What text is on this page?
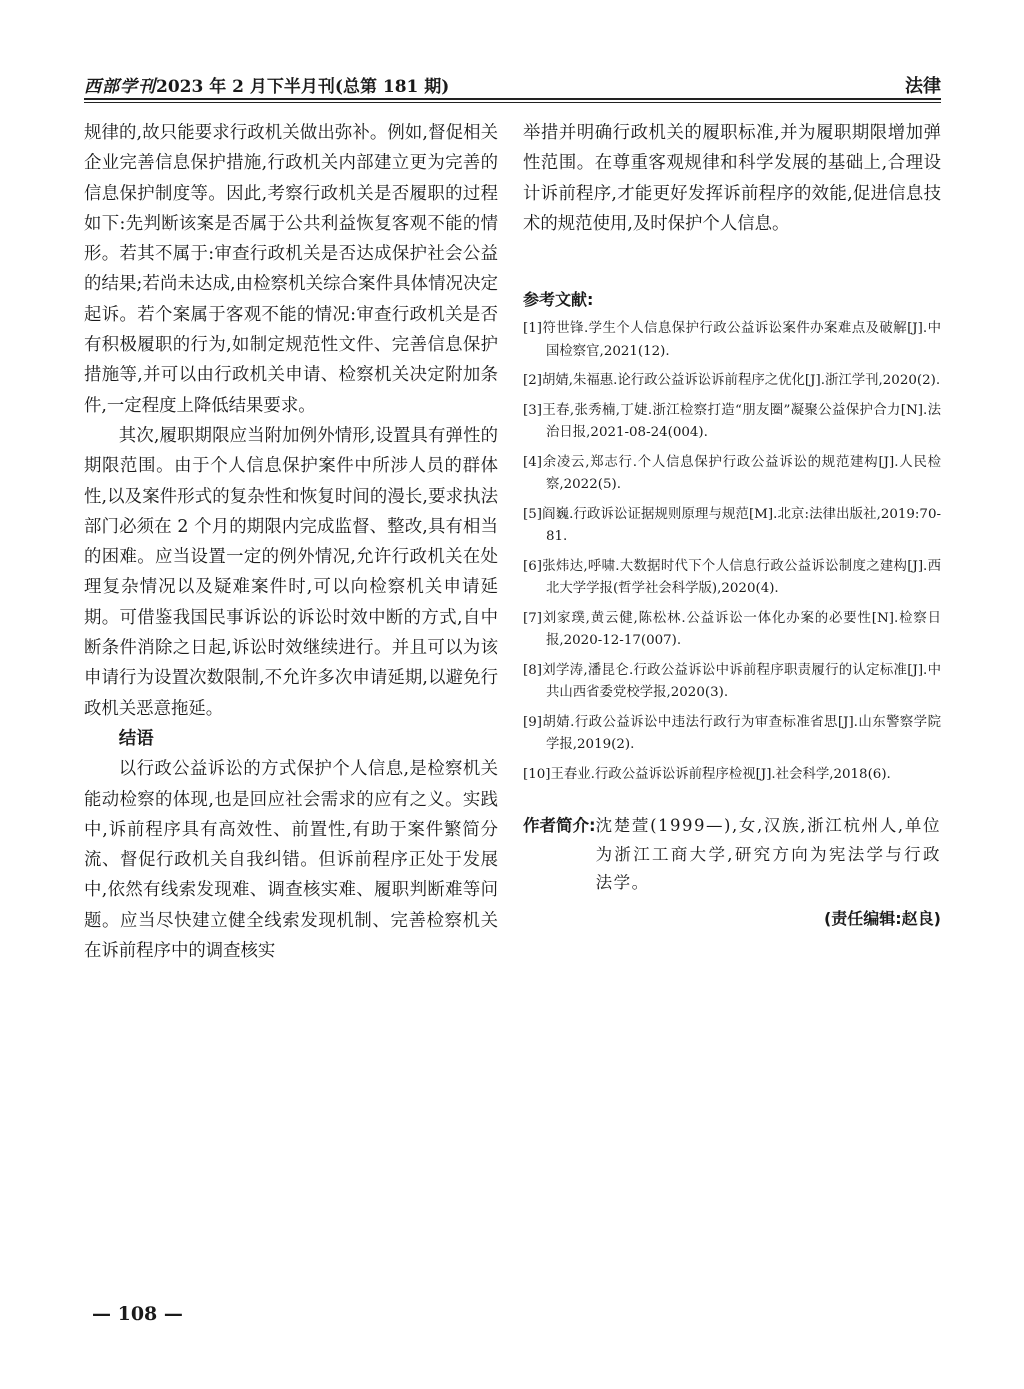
西部学刊2023 年 2 月下半月刊(总第 181 期)	法律

规律的,故只能要求行政机关做出弥补。例如,督促相关企业完善信息保护措施,行政机关内部建立更为完善的信息保护制度等。因此,考察行政机关是否履职的过程如下:先判断该案是否属于公共利益恢复客观不能的情形。若其不属于:审查行政机关是否达成保护社会公益的结果;若尚未达成,由检察机关综合案件具体情况决定起诉。若个案属于客观不能的情况:审查行政机关是否有积极履职的行为,如制定规范性文件、完善信息保护措施等,并可以由行政机关申请、检察机关决定附加条件,一定程度上降低结果要求。

其次,履职期限应当附加例外情形,设置具有弹性的期限范围。由于个人信息保护案件中所涉人员的群体性,以及案件形式的复杂性和恢复时间的漫长,要求执法部门必须在 2 个月的期限内完成监督、整改,具有相当的困难。应当设置一定的例外情况,允许行政机关在处理复杂情况以及疑难案件时,可以向检察机关申请延期。可借鉴我国民事诉讼的诉讼时效中断的方式,自中断条件消除之日起,诉讼时效继续进行。并且可以为该申请行为设置次数限制,不允许多次申请延期,以避免行政机关恶意拖延。

结语

以行政公益诉讼的方式保护个人信息,是检察机关能动检察的体现,也是回应社会需求的应有之义。实践中,诉前程序具有高效性、前置性,有助于案件繁简分流、督促行政机关自我纠错。但诉前程序正处于发展中,依然有线索发现难、调查核实难、履职判断难等问题。应当尽快建立健全线索发现机制、完善检察机关在诉前程序中的调查核实

举措并明确行政机关的履职标准,并为履职期限增加弹性范围。在尊重客观规律和科学发展的基础上,合理设计诉前程序,才能更好发挥诉前程序的效能,促进信息技术的规范使用,及时保护个人信息。

参考文献:

[1]符世锋.学生个人信息保护行政公益诉讼案件办案难点及破解[J].中国检察官,2021(12).

[2]胡婧,朱福惠.论行政公益诉讼诉前程序之优化[J].浙江学刊,2020(2).

[3]王春,张秀楠,丁婕.浙江检察打造“朋友圈”凝聚公益保护合力[N].法治日报,2021-08-24(004).

[4]余凌云,郑志行.个人信息保护行政公益诉讼的规范建构[J].人民检察,2022(5).

[5]阎巍.行政诉讼证据规则原理与规范[M].北京:法律出版社,2019:70-81.

[6]张炜达,呼啸.大数据时代下个人信息行政公益诉讼制度之建构[J].西北大学学报(哲学社会科学版),2020(4).

[7]刘家璞,黄云健,陈松林.公益诉讼一体化办案的必要性[N].检察日报,2020-12-17(007).

[8]刘学涛,潘昆仑.行政公益诉讼中诉前程序职责履行的认定标准[J].中共山西省委党校学报,2020(3).

[9]胡婧.行政公益诉讼中违法行政行为审查标准省思[J].山东警察学院学报,2019(2).

[10]王春业.行政公益诉讼诉前程序检视[J].社会科学,2018(6).

作者简介: 沈楚萱(1999—),女,汉族,浙江杭州人,单位为浙江工商大学,研究方向为宪法学与行政法学。
(责任编辑:赵良)
— 108 —
